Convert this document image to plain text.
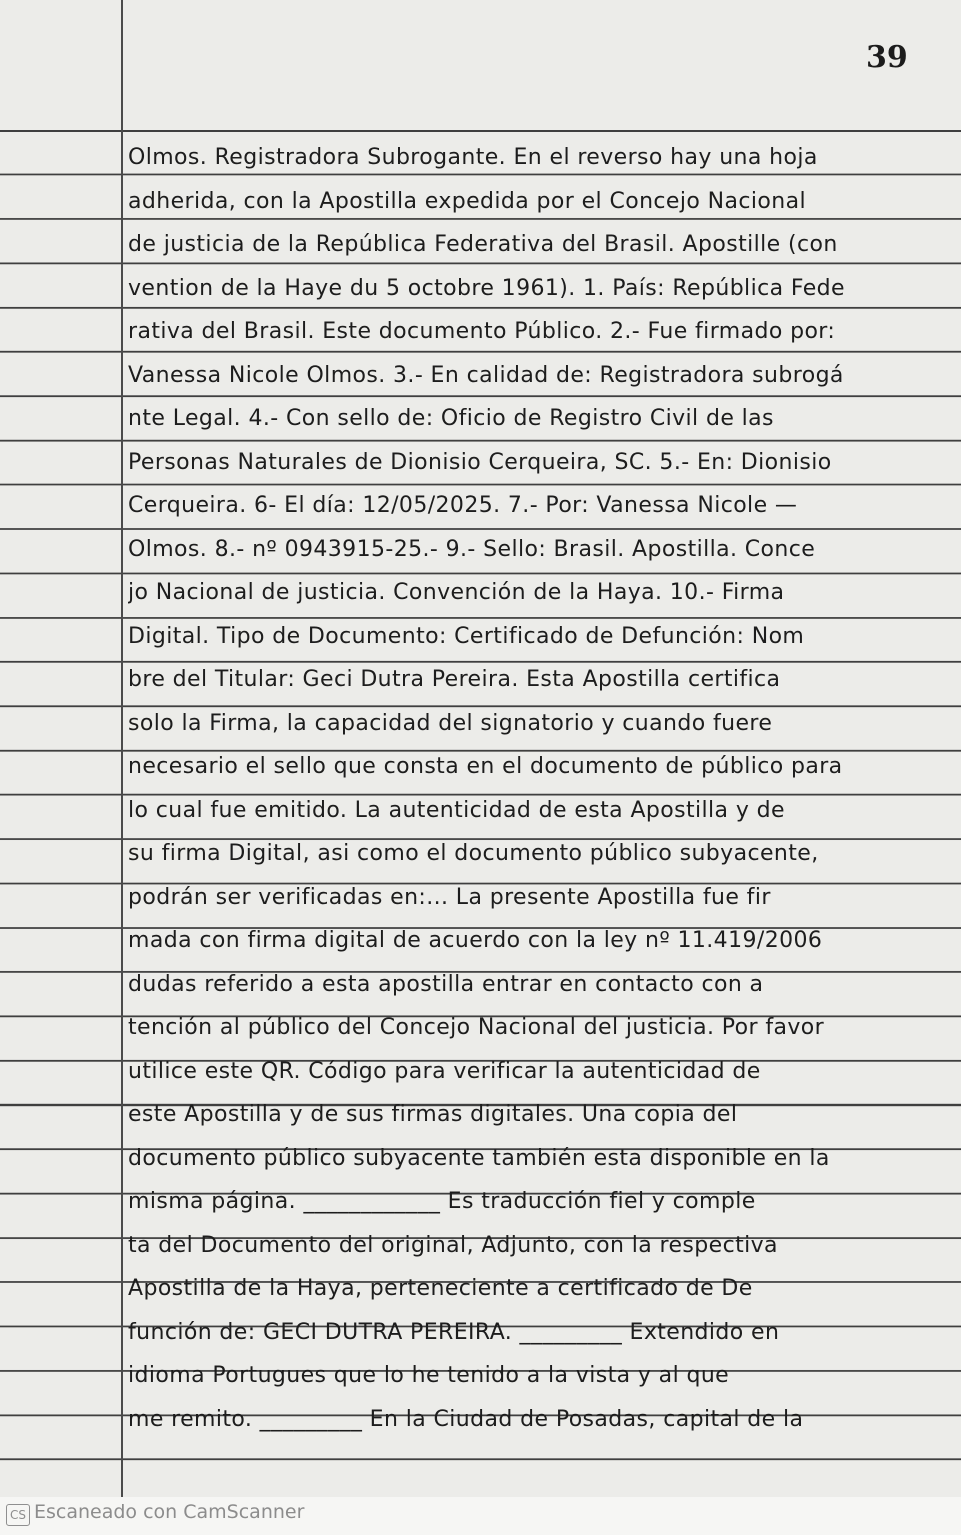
39
Olmos. Registradora Subrogante. En el reverso hay una hoja
adherida, con la Apostilla expedida por el Concejo Nacional
de justicia de la República Federativa del Brasil. Apostille (con
vention de la Haye du 5 octobre 1961). 1. País: República Fede
rativa del Brasil. Este documento Público. 2.- Fue firmado por:
Vanessa Nicole Olmos. 3.- En calidad de: Registradora subrogá
nte Legal. 4.- Con sello de: Oficio de Registro Civil de las
Personas Naturales de Dionisio Cerqueira, SC. 5.- En: Dionisio
Cerqueira. 6- El día: 12/05/2025. 7.- Por: Vanessa Nicole —
Olmos. 8.- nº 0943915-25.- 9.- Sello: Brasil. Apostilla. Conce
jo Nacional de justicia. Convención de la Haya. 10.- Firma
Digital. Tipo de Documento: Certificado de Defunción: Nom
bre del Titular: Geci Dutra Pereira. Esta Apostilla certifica
solo la Firma, la capacidad del signatorio y cuando fuere
necesario el sello que consta en el documento de público para
lo cual fue emitido. La autenticidad de esta Apostilla y de
su firma Digital, asi como el documento público subyacente,
podrán ser verificadas en:... La presente Apostilla fue fir
mada con firma digital de acuerdo con la ley nº 11.419/2006
dudas referido a esta apostilla entrar en contacto con a
tención al público del Concejo Nacional del justicia. Por favor
utilice este QR. Código para verificar la autenticidad de
este Apostilla y de sus firmas digitales. Una copia del
documento público subyacente también esta disponible en la
misma página. ____________ Es traducción fiel y comple
ta del Documento del original, Adjunto, con la respectiva
Apostilla de la Haya, perteneciente a certificado de De
función de: GECI DUTRA PEREIRA. _________ Extendido en
idioma Portugues que lo he tenido a la vista y al que
me remito. _________ En la Ciudad de Posadas, capital de la
CS Escaneado con CamScanner
